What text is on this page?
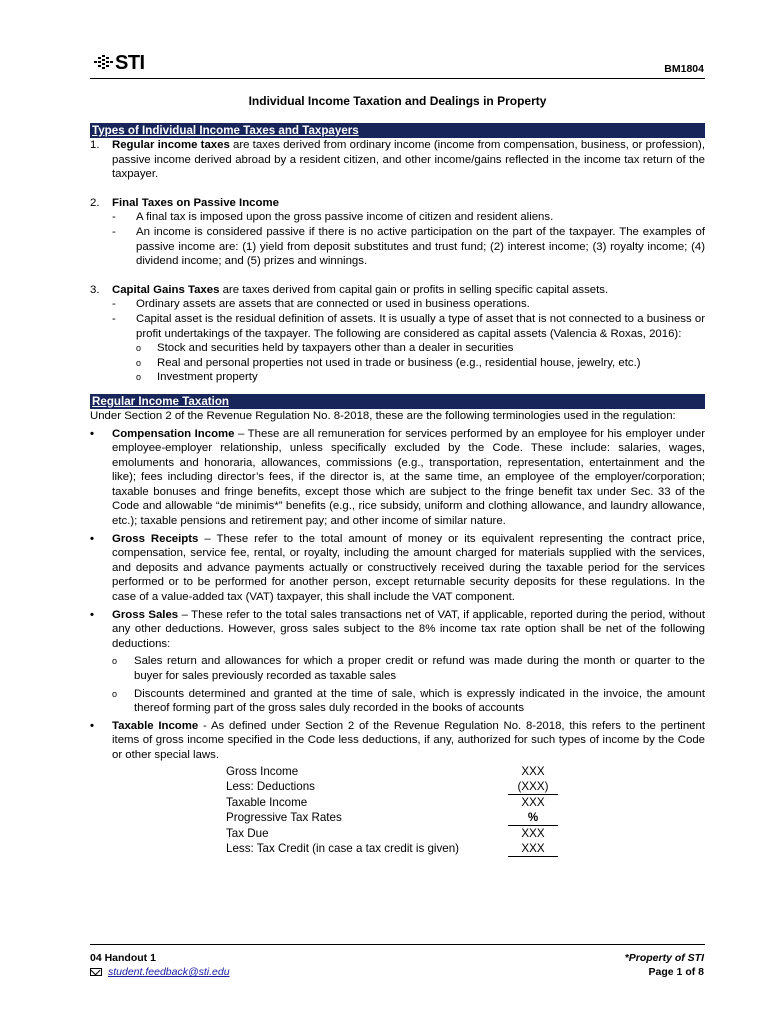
STI	BM1804
Individual Income Taxation and Dealings in Property
Types of Individual Income Taxes and Taxpayers
1.	Regular income taxes are taxes derived from ordinary income (income from compensation, business, or profession), passive income derived abroad by a resident citizen, and other income/gains reflected in the income tax return of the taxpayer.
2.	Final Taxes on Passive Income
-	A final tax is imposed upon the gross passive income of citizen and resident aliens.
-	An income is considered passive if there is no active participation on the part of the taxpayer. The examples of passive income are: (1) yield from deposit substitutes and trust fund; (2) interest income; (3) royalty income; (4) dividend income; and (5) prizes and winnings.
3.	Capital Gains Taxes are taxes derived from capital gain or profits in selling specific capital assets.
-	Ordinary assets are assets that are connected or used in business operations.
-	Capital asset is the residual definition of assets. It is usually a type of asset that is not connected to a business or profit undertakings of the taxpayer. The following are considered as capital assets (Valencia & Roxas, 2016):
o	Stock and securities held by taxpayers other than a dealer in securities
o	Real and personal properties not used in trade or business (e.g., residential house, jewelry, etc.)
o	Investment property
Regular Income Taxation
Under Section 2 of the Revenue Regulation No. 8-2018, these are the following terminologies used in the regulation:
•	Compensation Income – These are all remuneration for services performed by an employee for his employer under employee-employer relationship, unless specifically excluded by the Code. These include: salaries, wages, emoluments and honoraria, allowances, commissions (e.g., transportation, representation, entertainment and the like); fees including director’s fees, if the director is, at the same time, an employee of the employer/corporation; taxable bonuses and fringe benefits, except those which are subject to the fringe benefit tax under Sec. 33 of the Code and allowable “de minimis*” benefits (e.g., rice subsidy, uniform and clothing allowance, and laundry allowance, etc.); taxable pensions and retirement pay; and other income of similar nature.
•	Gross Receipts – These refer to the total amount of money or its equivalent representing the contract price, compensation, service fee, rental, or royalty, including the amount charged for materials supplied with the services, and deposits and advance payments actually or constructively received during the taxable period for the services performed or to be performed for another person, except returnable security deposits for these regulations. In the case of a value-added tax (VAT) taxpayer, this shall include the VAT component.
•	Gross Sales – These refer to the total sales transactions net of VAT, if applicable, reported during the period, without any other deductions. However, gross sales subject to the 8% income tax rate option shall be net of the following deductions:
o	Sales return and allowances for which a proper credit or refund was made during the month or quarter to the buyer for sales previously recorded as taxable sales
o	Discounts determined and granted at the time of sale, which is expressly indicated in the invoice, the amount thereof forming part of the gross sales duly recorded in the books of accounts
•	Taxable Income - As defined under Section 2 of the Revenue Regulation No. 8-2018, this refers to the pertinent items of gross income specified in the Code less deductions, if any, authorized for such types of income by the Code or other special laws.
Gross Income	XXX
Less: Deductions	(XXX)
Taxable Income	XXX
Progressive Tax Rates	%
Tax Due	XXX
Less: Tax Credit (in case a tax credit is given)	XXX
04 Handout 1
student.feedback@sti.edu
*Property of STI
Page 1 of 8
